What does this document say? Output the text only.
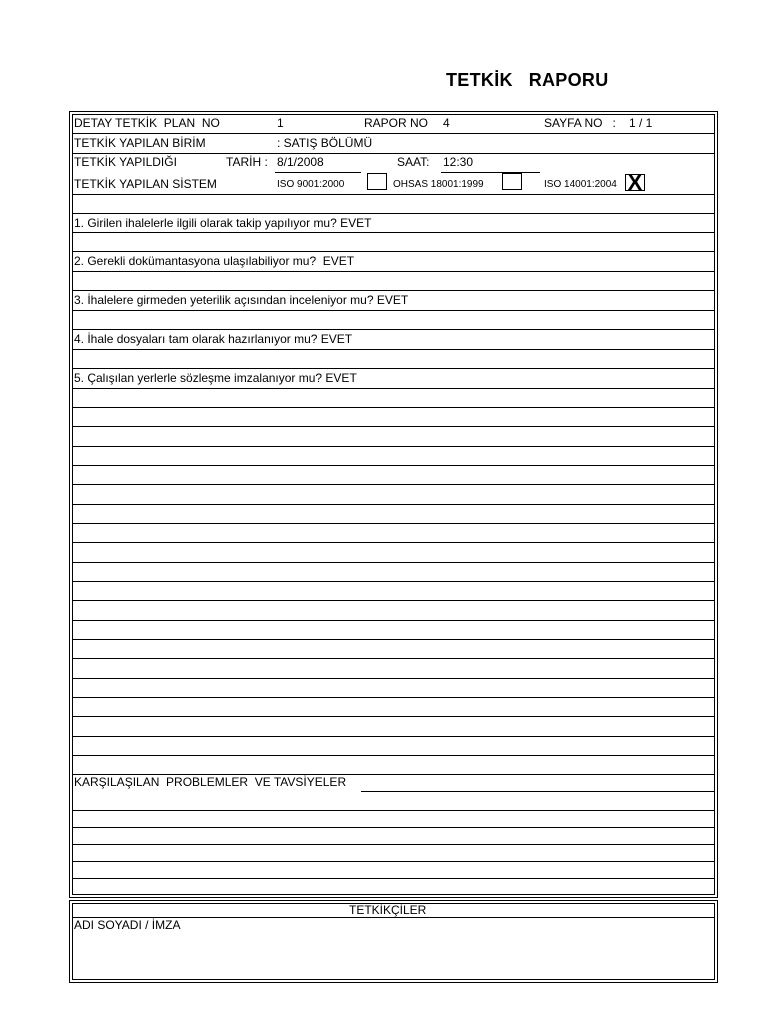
TETKİK   RAPORU
DETAY TETKİK  PLAN  NO	1	RAPOR NO 4	SAYFA NO   : 1 / 1
TETKİK YAPILAN BİRİM	: SATIŞ BÖLÜMÜ
TETKİK YAPILDIĞI	TARİH : 8/1/2008	SAAT: 12:30
TETKİK YAPILAN SİSTEM	ISO 9001:2000	OHSAS 18001:1999	ISO 14001:2004 X
1. Girilen ihalelerle ilgili olarak takip yapılıyor mu? EVET
2. Gerekli dokümantasyona ulaşılabiliyor mu?  EVET
3. İhalelere girmeden yeterilik açısından inceleniyor mu? EVET
4. İhale dosyaları tam olarak hazırlanıyor mu? EVET
5. Çalışılan yerlerle sözleşme imzalanıyor mu? EVET
KARŞILAŞILAN  PROBLEMLER  VE TAVSİYELER
TETKİKÇİLER
ADI SOYADI / İMZA
